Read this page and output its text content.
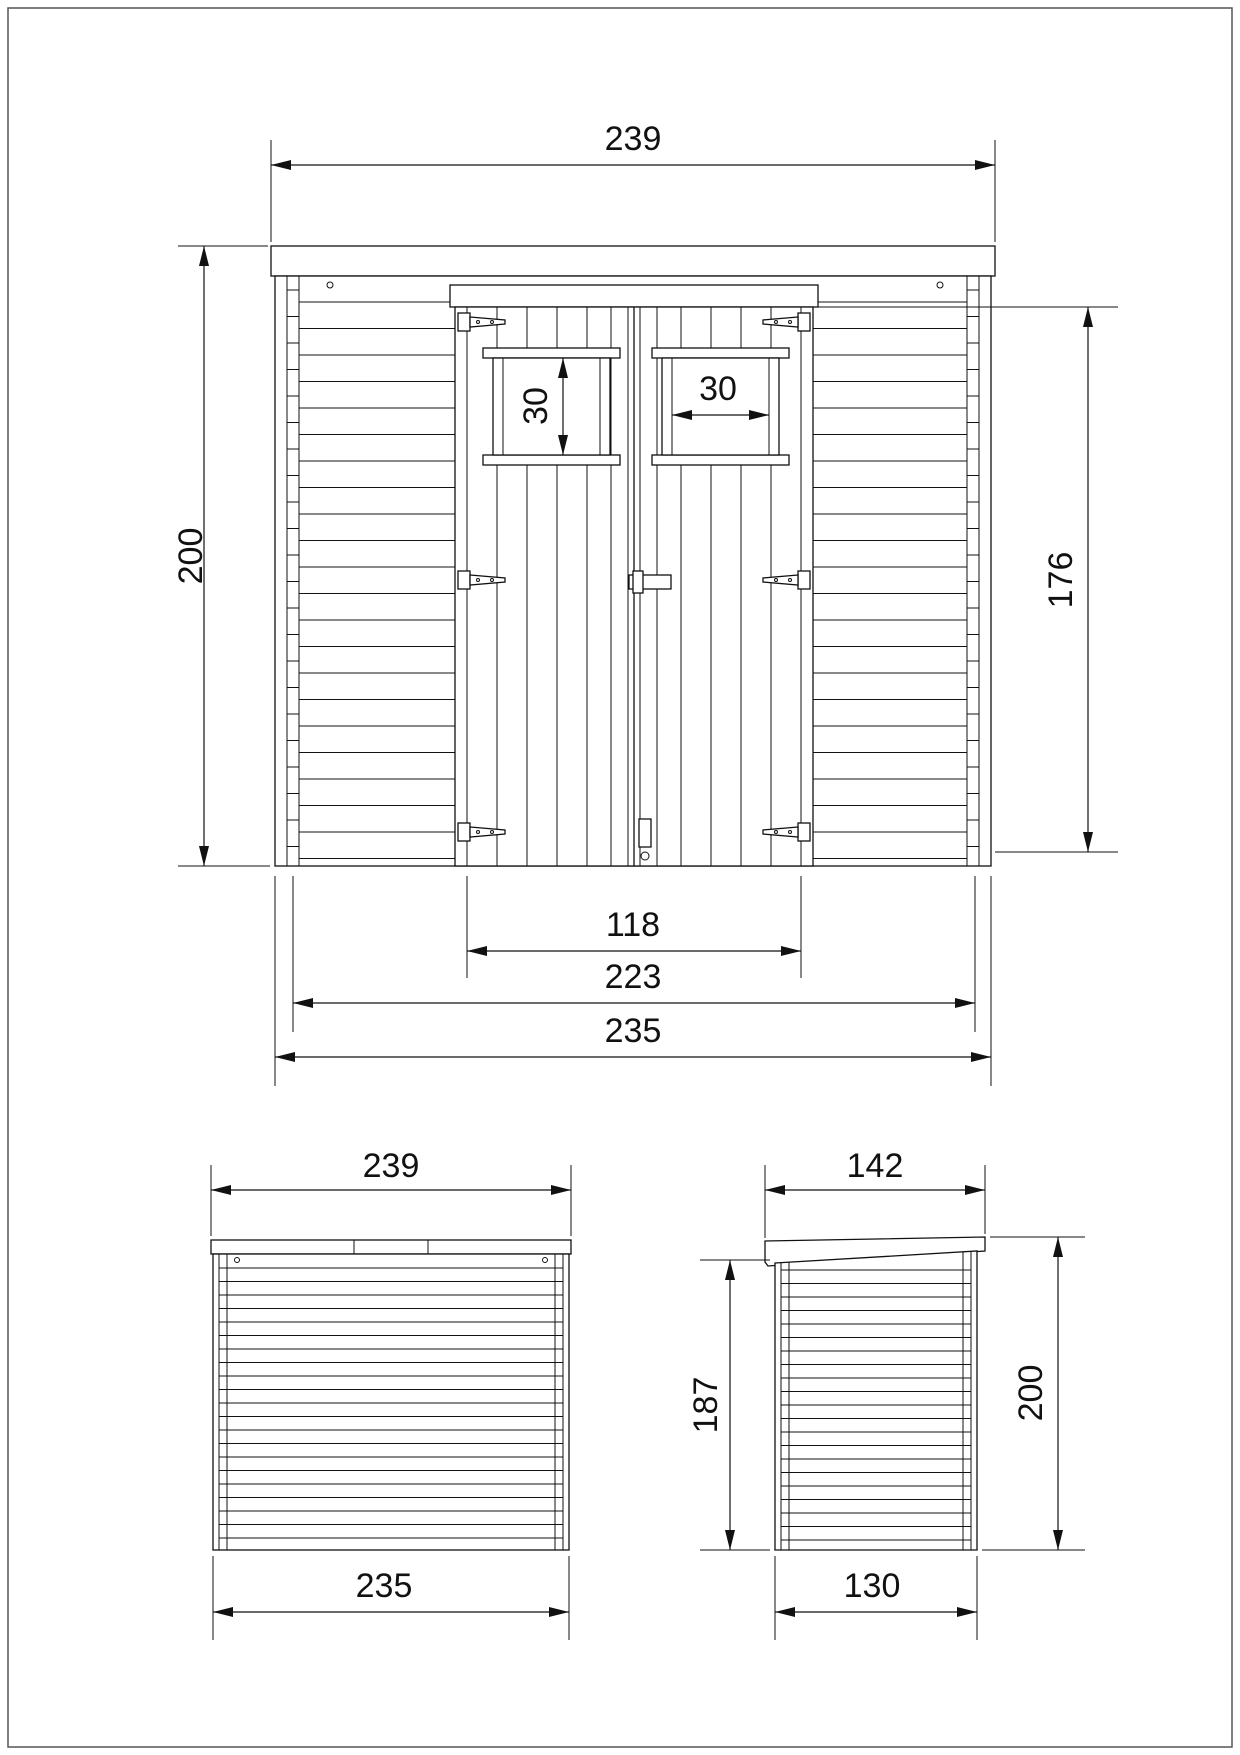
239
200	176
30	30
118
223
235
239
235
142
130
187	200
